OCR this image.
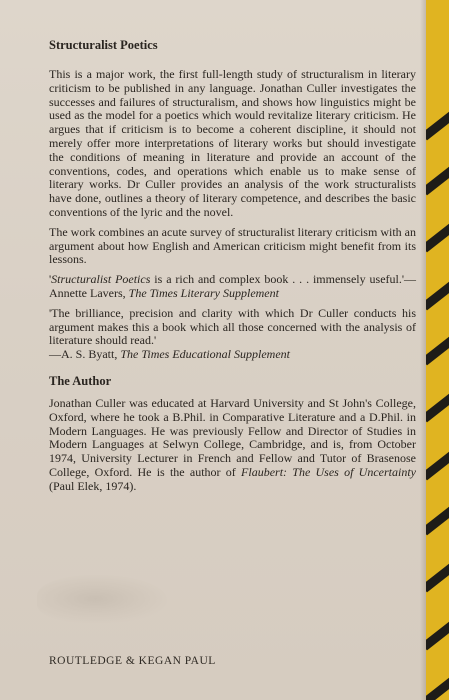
Structuralist Poetics

This is a major work, the first full-length study of structuralism in literary criticism to be published in any language. Jonathan Culler investigates the successes and failures of structuralism, and shows how linguistics might be used as the model for a poetics which would revitalize literary criticism. He argues that if criticism is to become a coherent discipline, it should not merely offer more interpretations of literary works but should investigate the conditions of meaning in literature and provide an account of the conventions, codes, and operations which enable us to make sense of literary works. Dr Culler provides an analysis of the work structuralists have done, outlines a theory of literary competence, and describes the basic conventions of the lyric and the novel.

The work combines an acute survey of structuralist literary criticism with an argument about how English and American criticism might benefit from its lessons.

'Structuralist Poetics is a rich and complex book . . . immensely useful.'—Annette Lavers, The Times Literary Supplement

'The brilliance, precision and clarity with which Dr Culler conducts his argument makes this a book which all those concerned with the analysis of literature should read.'
—A. S. Byatt, The Times Educational Supplement

The Author

Jonathan Culler was educated at Harvard University and St John's College, Oxford, where he took a B.Phil. in Comparative Literature and a D.Phil. in Modern Languages. He was previously Fellow and Director of Studies in Modern Languages at Selwyn College, Cambridge, and is, from October 1974, University Lecturer in French and Fellow and Tutor of Brasenose College, Oxford. He is the author of Flaubert: The Uses of Uncertainty (Paul Elek, 1974).

ROUTLEDGE & KEGAN PAUL
